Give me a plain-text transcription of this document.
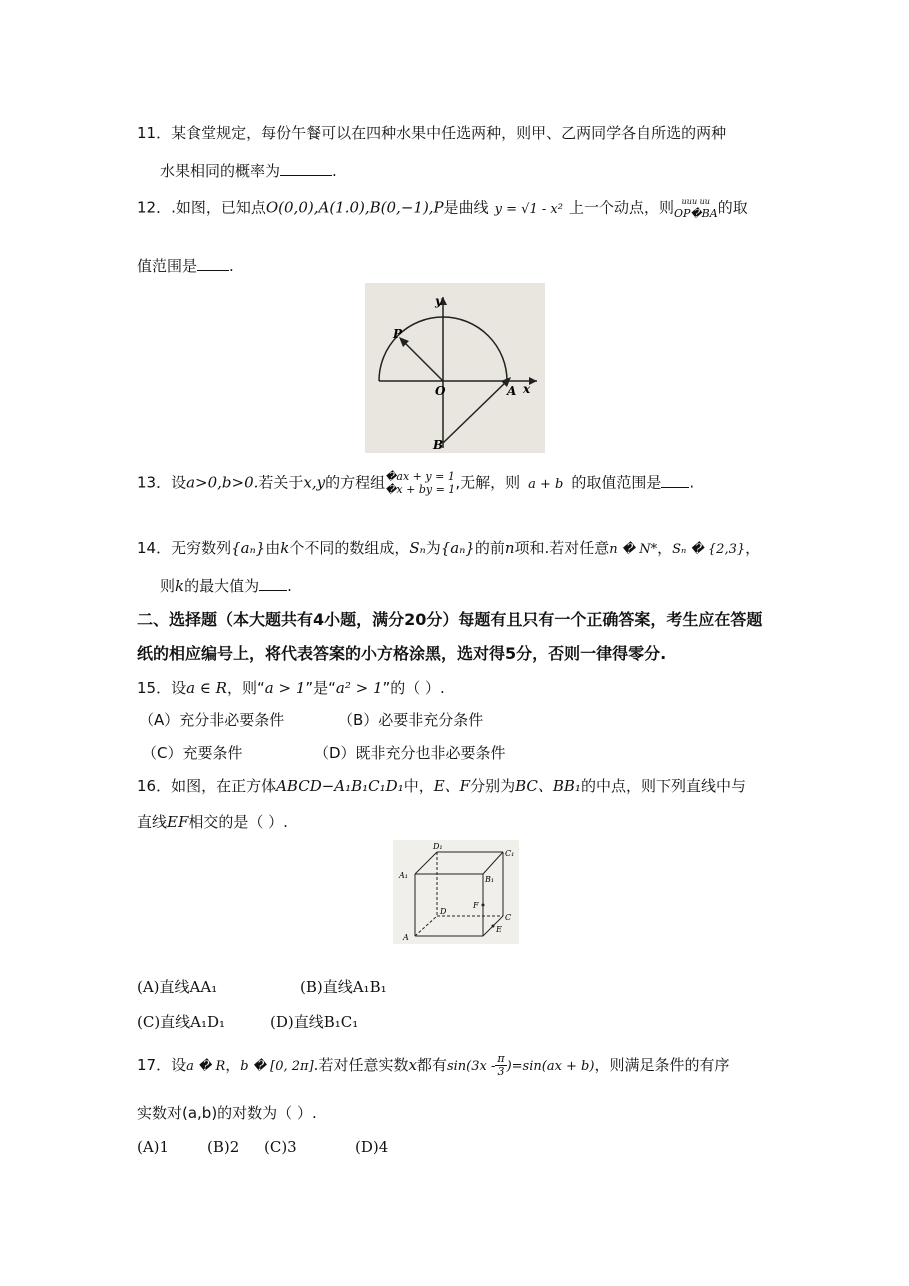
11．某食堂规定，每份午餐可以在四种水果中任选两种，则甲、乙两同学各自所选的两种
水果相同的概率为	.
12．.如图，已知点O(0,0),A(1.0),B(0,−1),P是曲线 y = √1 - x² 上一个动点，则 uuu uu
OP�BA 的取
值范围是 .
y
x
O	A
B
P
13．设a>0,b>0.若关于x,y的方程组 �ax + y = 1
�x + by = 1 ,无解，则 a + b 的取值范围是 .
14．无穷数列{aₙ}由k个不同的数组成，Sₙ为{aₙ}的前n项和.若对任意n � N*，Sₙ � {2,3}，
则k的最大值为 .
二、选择题（本大题共有4小题，满分20分）每题有且只有一个正确答案，考生应在答题
纸的相应编号上，将代表答案的小方格涂黑，选对得5分，否则一律得零分.
15．设a ∈ R，则“a > 1”是“a² > 1”的（ ）.
（A）充分非必要条件	（B）必要非充分条件
（C）充要条件	（D）既非充分也非必要条件
16．如图，在正方体ABCD−A₁B₁C₁D₁中，E、F分别为BC、BB₁的中点，则下列直线中与
直线EF相交的是（ ）.
D₁
C₁
A₁	B₁
F
D
C
A
E
(A)直线AA₁	(B)直线A₁B₁
(C)直线A₁D₁	(D)直线B₁C₁
17．设a � R，b � [0, 2π].若对任意实数x都有$\sin(3x - \frac{\pi}{3} )=\sin(ax + b)$，则满足条件的有序
实数对(a,b)的对数为（ ）.
(A)1	(B)2 (C)3	(D)4
